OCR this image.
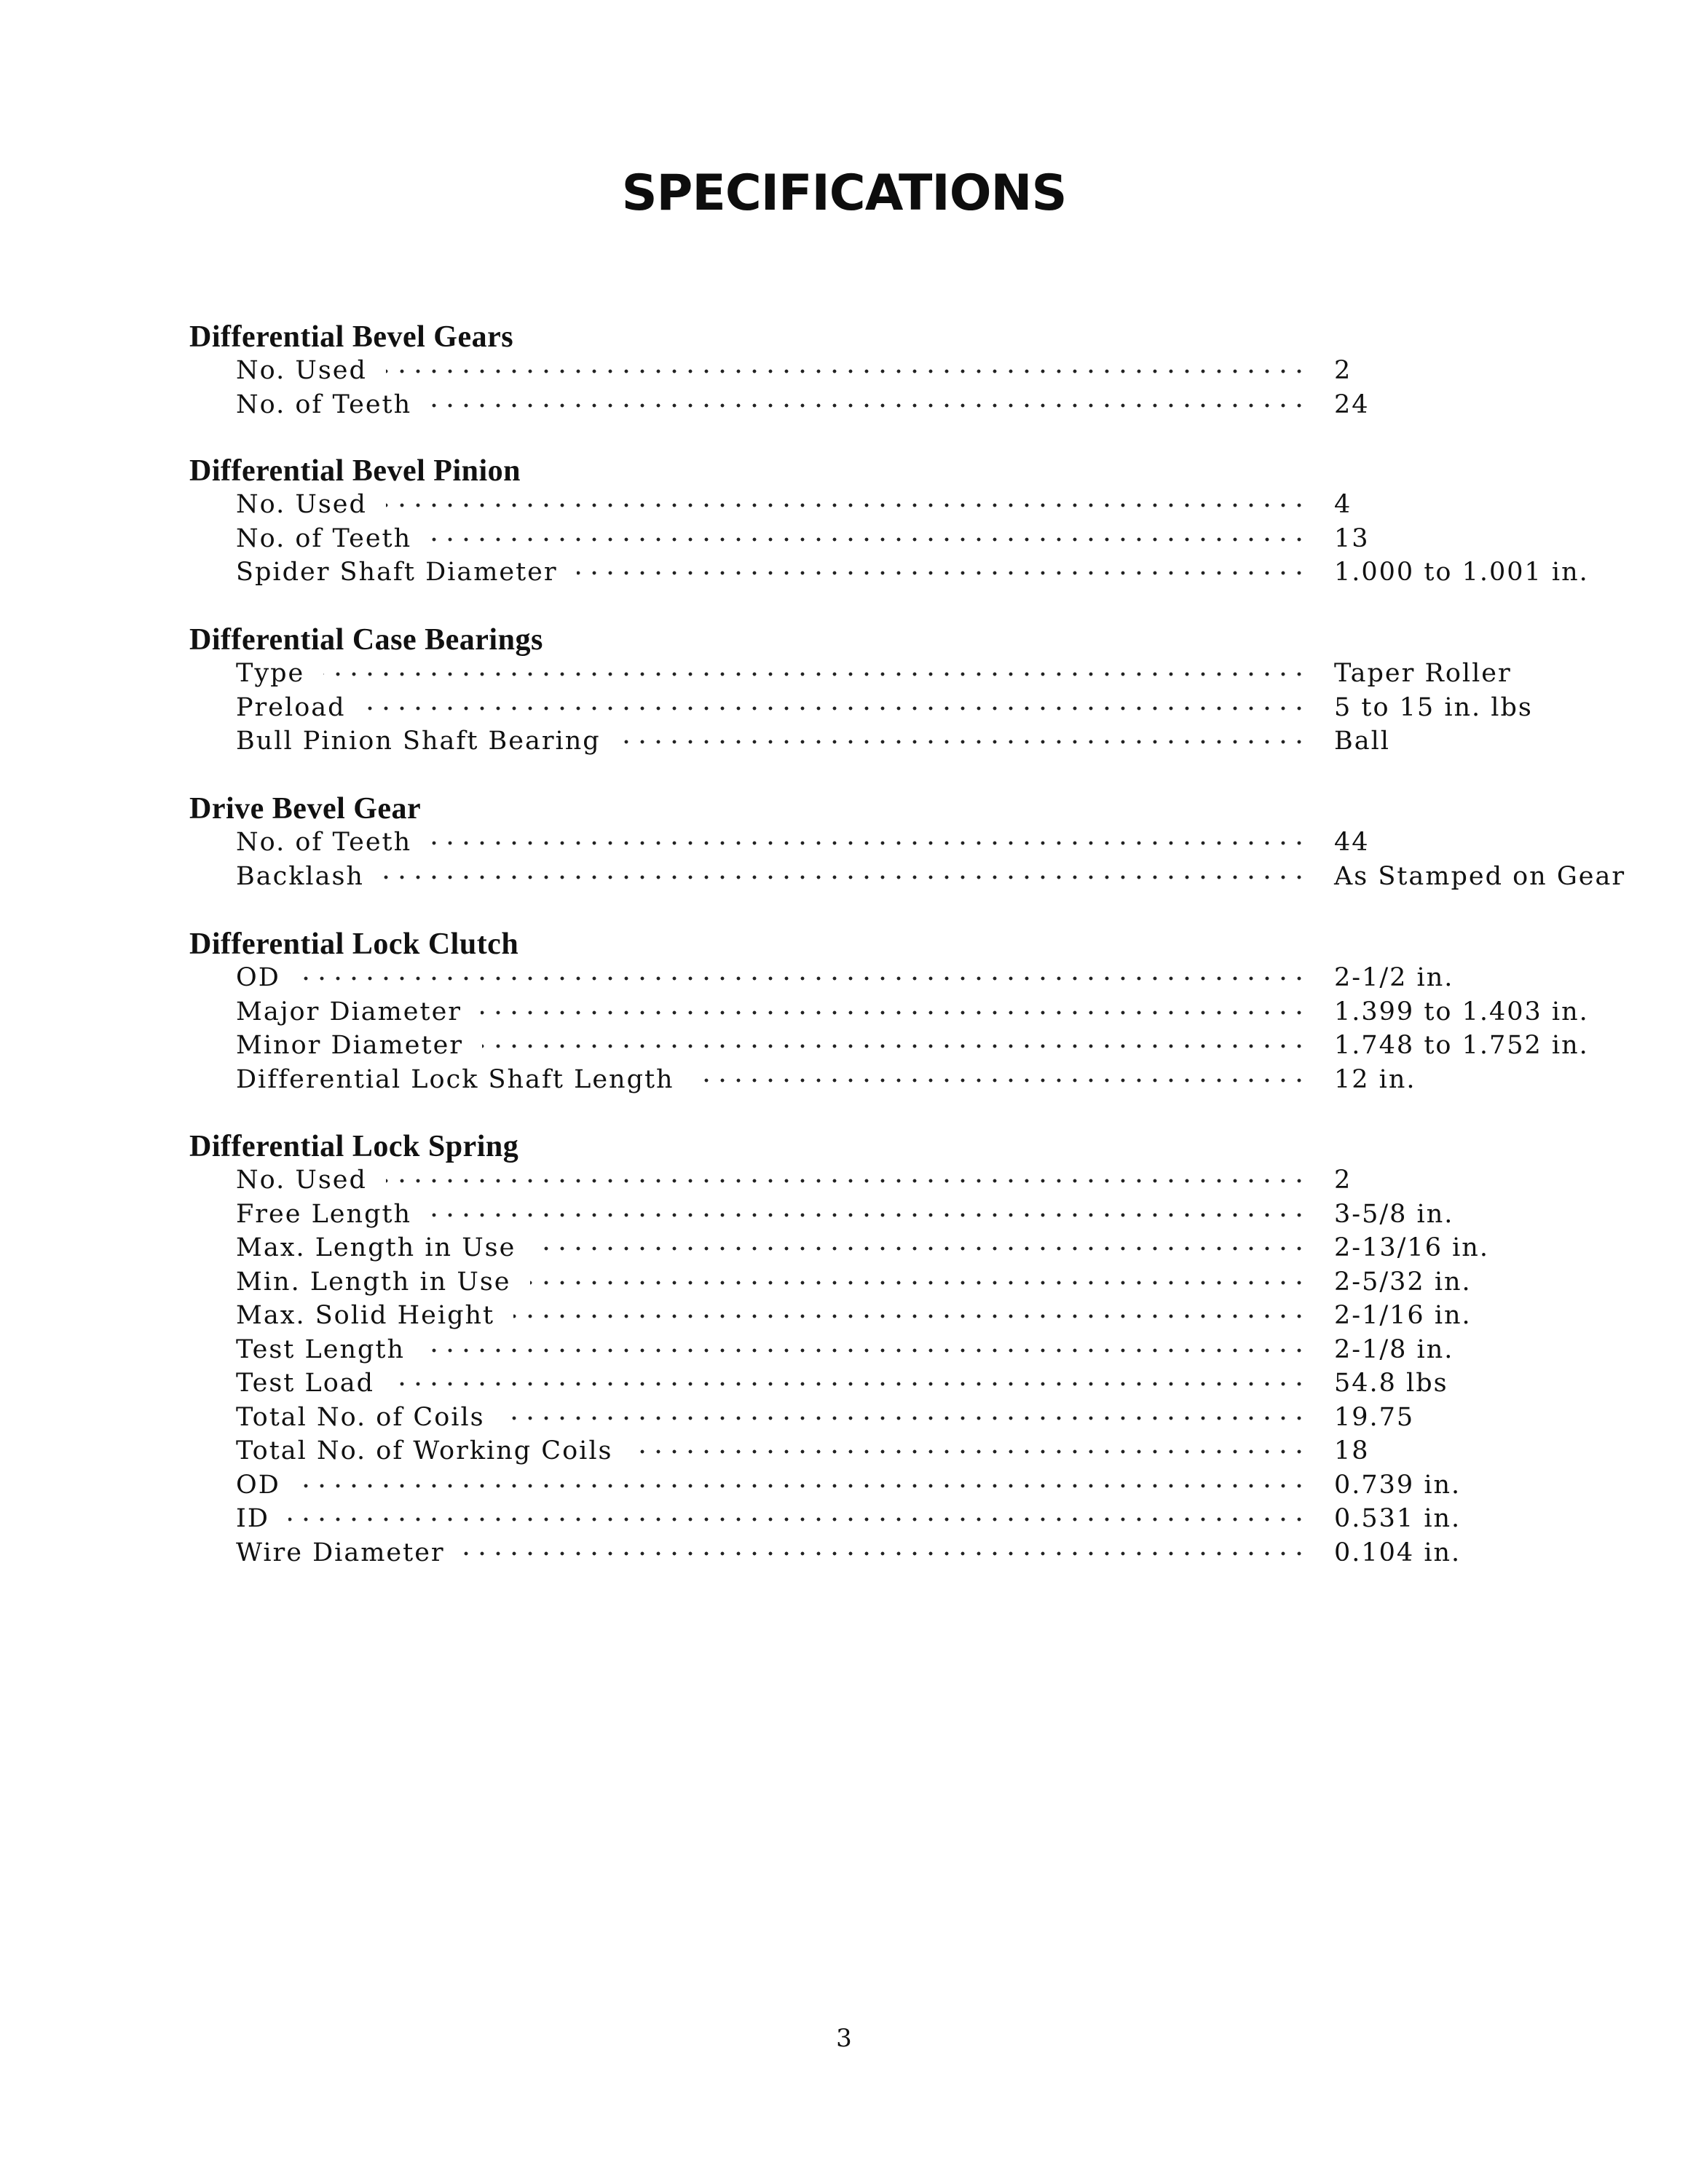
SPECIFICATIONS
Differential Bevel Gears
No. Used	2
No. of Teeth	24
Differential Bevel Pinion
No. Used	4
No. of Teeth	13
Spider Shaft Diameter	1.000 to 1.001 in.
Differential Case Bearings
Type	Taper Roller
Preload	5 to 15 in. lbs
Bull Pinion Shaft Bearing	Ball
Drive Bevel Gear
No. of Teeth	44
Backlash	As Stamped on Gear
Differential Lock Clutch
OD	2-1/2 in.
Major Diameter	1.399 to 1.403 in.
Minor Diameter	1.748 to 1.752 in.
Differential Lock Shaft Length	12 in.
Differential Lock Spring
No. Used	2
Free Length	3-5/8 in.
Max. Length in Use	2-13/16 in.
Min. Length in Use	2-5/32 in.
Max. Solid Height	2-1/16 in.
Test Length	2-1/8 in.
Test Load	54.8 lbs
Total No. of Coils	19.75
Total No. of Working Coils	18
OD	0.739 in.
ID	0.531 in.
Wire Diameter	0.104 in.
3
